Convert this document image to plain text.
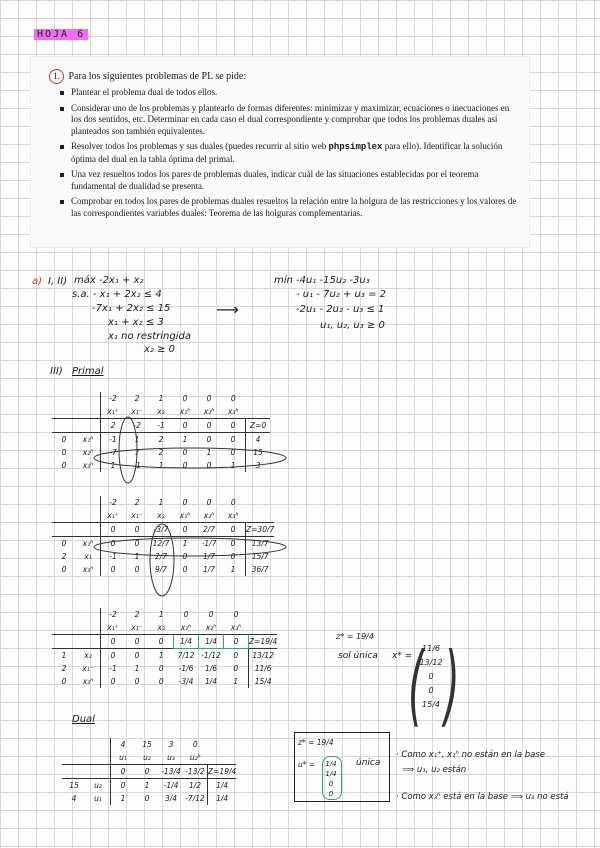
HOJA 6
1. Para los siguientes problemas de PL se pide:
Plantear el problema dual de todos ellos.
Considerar uno de los problemas y plantearlo de formas diferentes: minimizar y maximizar, ecuaciones o inecuaciones en los dos sentidos, etc. Determinar en cada caso el dual correspondiente y comprobar que todos los problemas duales así planteados son también equivalentes.
Resolver todos los problemas y sus duales (puedes recurrir al sitio web phpsimplex para ello). Identificar la solución óptima del dual en la tabla óptima del primal.
Una vez resueltos todos los pares de problemas duales, indicar cuál de las situaciones establecidas por el teorema fundamental de dualidad se presenta.
Comprobar en todos los pares de problemas duales resueltos la relación entre la holgura de las restricciones y los valores de las correspondientes variables duales: Teorema de las holguras complementarias.
a) I, II) máx -2x₁ + x₂
s.a. - x₁ + 2x₂ ≤ 4
-7x₁ + 2x₂ ≤ 15
x₁ + x₂ ≤ 3
x₁ no restringida
x₂ ≥ 0
⟶
mín -4u₁ -15u₂ -3u₃
- u₁ - 7u₂ + u₃ = 2
-2u₁ - 2u₂ - u₃ ≤ 1
u₁, u₂, u₃ ≥ 0
III) Primal
		-2	2	1	0	0	0	
		x₁⁺	x₁⁻	x₂	x₁ʰ	x₂ʰ	x₃ʰ	
		2	-2	-1	0	0	0	Z=0
0	x₁ʰ	-1	1	2	1	0	0	4
0	x₂ʰ	-7	7	2	0	1	0	15
0	x₃ʰ	1	-1	1	0	0	1	3
		-2	2	1	0	0	0	
		x₁⁺	x₁⁻	x₂	x₁ʰ	x₂ʰ	x₃ʰ	
		0	0	-3/7	0	2/7	0	Z=30/7
0	x₁ʰ	0	0	12/7	1	-1/7	0	13/7
2	x₁	-1	1	2/7	0	1/7	0	15/7
0	x₃ʰ	0	0	9/7	0	1/7	1	36/7
		-2	2	1	0	0	0	
		x₁⁺	x₁⁻	x₂	x₁ʰ	x₂ʰ	x₃ʰ	
		0	0	0	1/4	1/4	0	Z=19/4
1	x₂	0	0	1	7/12	-1/12	0	13/12
2	x₁⁻	-1	1	0	-1/6	1/6	0	11/6
0	x₃ʰ	0	0	0	-3/4	1/4	1	15/4
z* = 19/4
sol única x* =
(
11/6
13/12
0
0
15/4 )
Dual
		4	15	3	0	
		u₁	u₂	u₃	u₂ʰ	
		0	0	-13/4	-13/2	Z=19/4
15	u₂	0	1	-1/4	1/2	1/4
4	u₁	1	0	3/4	-7/12	1/4
z* = 19/4
u* =	única
1/4
1/4
0
0
· Como x₁⁺, x₁ʰ no están en la base
⟹ u₁, u₂ están
· Como x₃ʰ está en la base ⟹ u₃ no está
